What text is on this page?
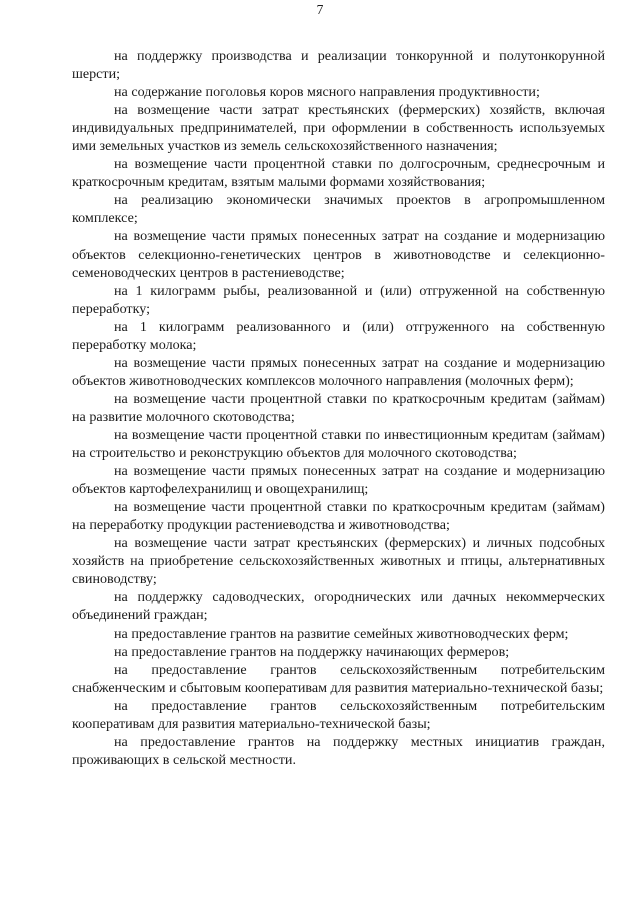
7

на поддержку производства и реализации тонкорунной и полутонкорунной шерсти;

на содержание поголовья коров мясного направления продуктивности;

на возмещение части затрат крестьянских (фермерских) хозяйств, включая индивидуальных предпринимателей, при оформлении в собственность используемых ими земельных участков из земель сельскохозяйственного назначения;

на возмещение части процентной ставки по долгосрочным, среднесрочным и краткосрочным кредитам, взятым малыми формами хозяйствования;

на реализацию экономически значимых проектов в агропромышленном комплексе;

на возмещение части прямых понесенных затрат на создание и модернизацию объектов селекционно-генетических центров в животноводстве и селекционно-семеноводческих центров в растениеводстве;

на 1 килограмм рыбы, реализованной и (или) отгруженной на собственную переработку;

на 1 килограмм реализованного и (или) отгруженного на собственную переработку молока;

на возмещение части прямых понесенных затрат на создание и модернизацию объектов животноводческих комплексов молочного направления (молочных ферм);

на возмещение части процентной ставки по краткосрочным кредитам (займам) на развитие молочного скотоводства;

на возмещение части процентной ставки по инвестиционным кредитам (займам) на строительство и реконструкцию объектов для молочного скотоводства;

на возмещение части прямых понесенных затрат на создание и модернизацию объектов картофелехранилищ и овощехранилищ;

на возмещение части процентной ставки по краткосрочным кредитам (займам) на переработку продукции растениеводства и животноводства;

на возмещение части затрат крестьянских (фермерских) и личных подсобных хозяйств на приобретение сельскохозяйственных животных и птицы, альтернативных свиноводству;

на поддержку садоводческих, огороднических или дачных некоммерческих объединений граждан;

на предоставление грантов на развитие семейных животноводческих ферм;

на предоставление грантов на поддержку начинающих фермеров;

на предоставление грантов сельскохозяйственным потребительским снабженческим и сбытовым кооперативам для развития материально-технической базы;

на предоставление грантов сельскохозяйственным потребительским кооперативам для развития материально-технической базы;

на предоставление грантов на поддержку местных инициатив граждан, проживающих в сельской местности.
